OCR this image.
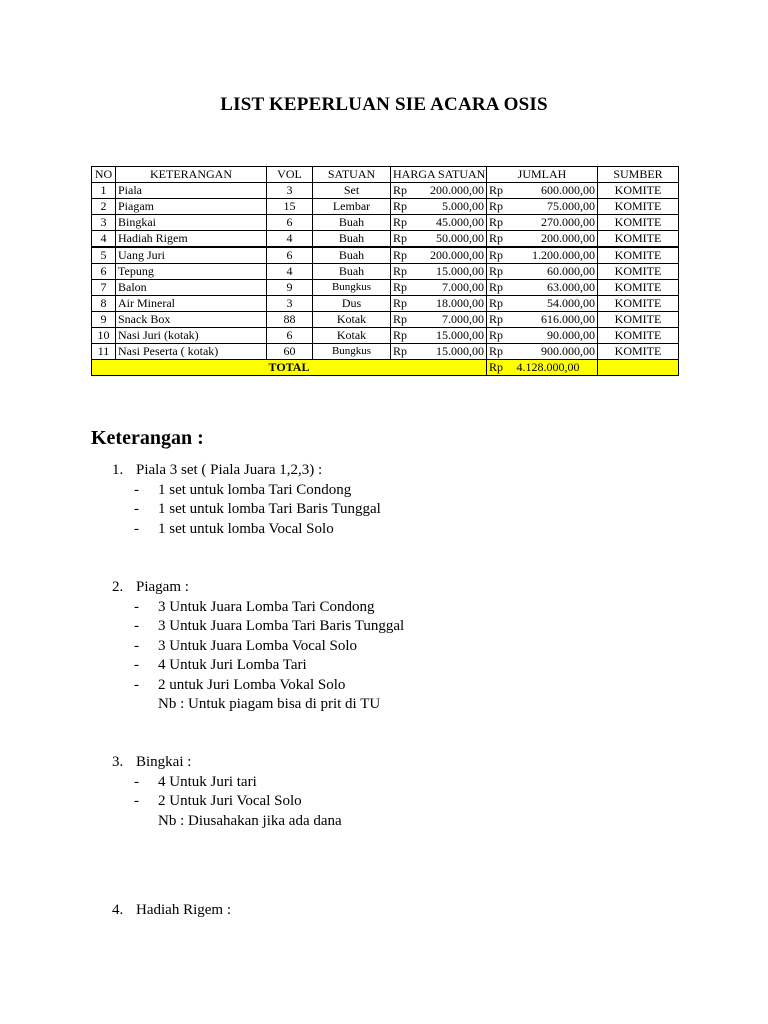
LIST KEPERLUAN SIE ACARA OSIS
NO	KETERANGAN	VOL	SATUAN	HARGA SATUAN		JUMLAH		SUMBER
1	Piala	3	Set	Rp	200.000,00	Rp	600.000,00	KOMITE
2	Piagam	15	Lembar	Rp	5.000,00	Rp	75.000,00	KOMITE
3	Bingkai	6	Buah	Rp	45.000,00	Rp	270.000,00	KOMITE
4	Hadiah Rigem	4	Buah	Rp	50.000,00	Rp	200.000,00	KOMITE
5	Uang Juri	6	Buah	Rp	200.000,00	Rp	1.200.000,00	KOMITE
6	Tepung	4	Buah	Rp	15.000,00	Rp	60.000,00	KOMITE
7	Balon	9	Bungkus	Rp	7.000,00	Rp	63.000,00	KOMITE
8	Air Mineral	3	Dus	Rp	18.000,00	Rp	54.000,00	KOMITE
9	Snack Box	88	Kotak	Rp	7.000,00	Rp	616.000,00	KOMITE
10	Nasi Juri (kotak)	6	Kotak	Rp	15.000,00	Rp	90.000,00	KOMITE
11	Nasi Peserta ( kotak)	60	Bungkus	Rp	15.000,00	Rp	900.000,00	KOMITE
TOTAL						Rp	4.128.000,00	
Keterangan :
1. Piala 3 set ( Piala Juara 1,2,3) :
- 1 set untuk lomba Tari Condong
- 1 set untuk lomba Tari Baris Tunggal
- 1 set untuk lomba Vocal Solo
2. Piagam :
- 3 Untuk Juara Lomba Tari Condong
- 3 Untuk Juara Lomba Tari Baris Tunggal
- 3 Untuk Juara Lomba Vocal Solo
- 4 Untuk Juri Lomba Tari
- 2 untuk Juri Lomba Vokal Solo
Nb : Untuk piagam bisa di prit di TU
3. Bingkai :
- 4 Untuk Juri tari
- 2 Untuk Juri Vocal Solo
Nb : Diusahakan jika ada dana
4. Hadiah Rigem :
